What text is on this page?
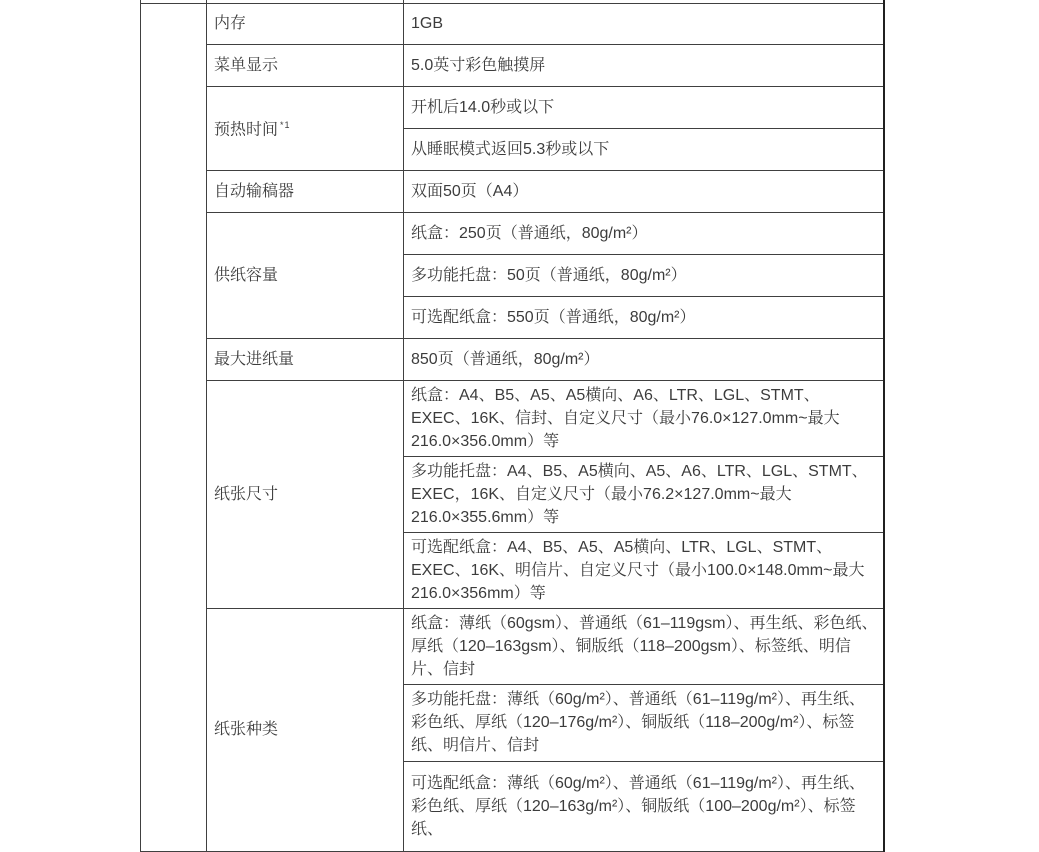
	内存	1GB
	菜单显示	5.0英寸彩色触摸屏
	预热时间 $^{*1}$	开机后14.0秒或以下
		从睡眠模式返回5.3秒或以下
	自动输稿器	双面50页（A4）
	供纸容量	纸盒：250页（普通纸，80g/m²）
		多功能托盘：50页（普通纸，80g/m²）
		可选配纸盒：550页（普通纸，80g/m²）
	最大进纸量	850页（普通纸，80g/m²）
	纸张尺寸	纸盒：A4、B5、A5、A5横向、A6、LTR、LGL、STMT、EXEC、16K、信封、自定义尺寸（最小76.0×127.0mm~最大216.0×356.0mm）等
		多功能托盘：A4、B5、A5横向、A5、A6、LTR、LGL、STMT、EXEC，16K、自定义尺寸（最小76.2×127.0mm~最大216.0×355.6mm）等
		可选配纸盒：A4、B5、A5、A5横向、LTR、LGL、STMT、EXEC、16K、明信片、自定义尺寸（最小100.0×148.0mm~最大216.0×356mm）等
	纸张种类	纸盒：薄纸（60gsm）、普通纸（61–119gsm）、再生纸、彩色纸、厚纸（120–163gsm）、铜版纸（118–200gsm）、标签纸、明信片、信封
		多功能托盘：薄纸（60g/m²）、普通纸（61–119g/m²）、再生纸、彩色纸、厚纸（120–176g/m²）、铜版纸（118–200g/m²）、标签纸、明信片、信封
		可选配纸盒：薄纸（60g/m²）、普通纸（61–119g/m²）、再生纸、彩色纸、厚纸（120–163g/m²）、铜版纸（100–200g/m²）、标签纸、
